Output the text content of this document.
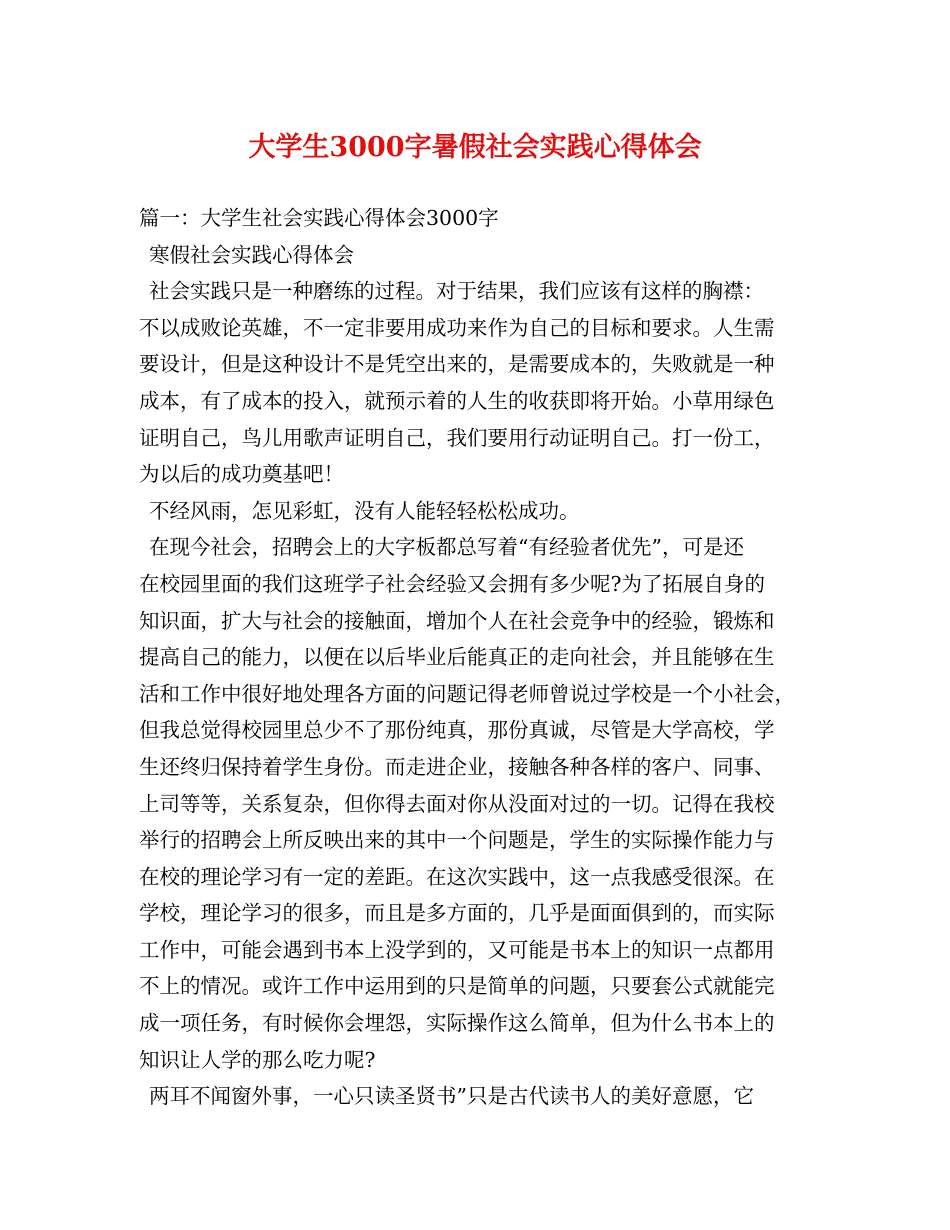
大学生3000字暑假社会实践心得体会
篇一：大学生社会实践心得体会3000字
寒假社会实践心得体会
社会实践只是一种磨练的过程。对于结果，我们应该有这样的胸襟：
不以成败论英雄，不一定非要用成功来作为自己的目标和要求。人生需
要设计，但是这种设计不是凭空出来的，是需要成本的，失败就是一种
成本，有了成本的投入，就预示着的人生的收获即将开始。小草用绿色
证明自己，鸟儿用歌声证明自己，我们要用行动证明自己。打一份工，
为以后的成功奠基吧！
不经风雨，怎见彩虹，没有人能轻轻松松成功。
在现今社会，招聘会上的大字板都总写着“有经验者优先”，可是还
在校园里面的我们这班学子社会经验又会拥有多少呢?为了拓展自身的
知识面，扩大与社会的接触面，增加个人在社会竞争中的经验，锻炼和
提高自己的能力，以便在以后毕业后能真正的走向社会，并且能够在生
活和工作中很好地处理各方面的问题记得老师曾说过学校是一个小社会，
但我总觉得校园里总少不了那份纯真，那份真诚，尽管是大学高校，学
生还终归保持着学生身份。而走进企业，接触各种各样的客户、同事、
上司等等，关系复杂，但你得去面对你从没面对过的一切。记得在我校
举行的招聘会上所反映出来的其中一个问题是，学生的实际操作能力与
在校的理论学习有一定的差距。在这次实践中，这一点我感受很深。在
学校，理论学习的很多，而且是多方面的，几乎是面面俱到的，而实际
工作中，可能会遇到书本上没学到的，又可能是书本上的知识一点都用
不上的情况。或许工作中运用到的只是简单的问题，只要套公式就能完
成一项任务，有时候你会埋怨，实际操作这么简单，但为什么书本上的
知识让人学的那么吃力呢?
两耳不闻窗外事，一心只读圣贤书”只是古代读书人的美好意愿，它
